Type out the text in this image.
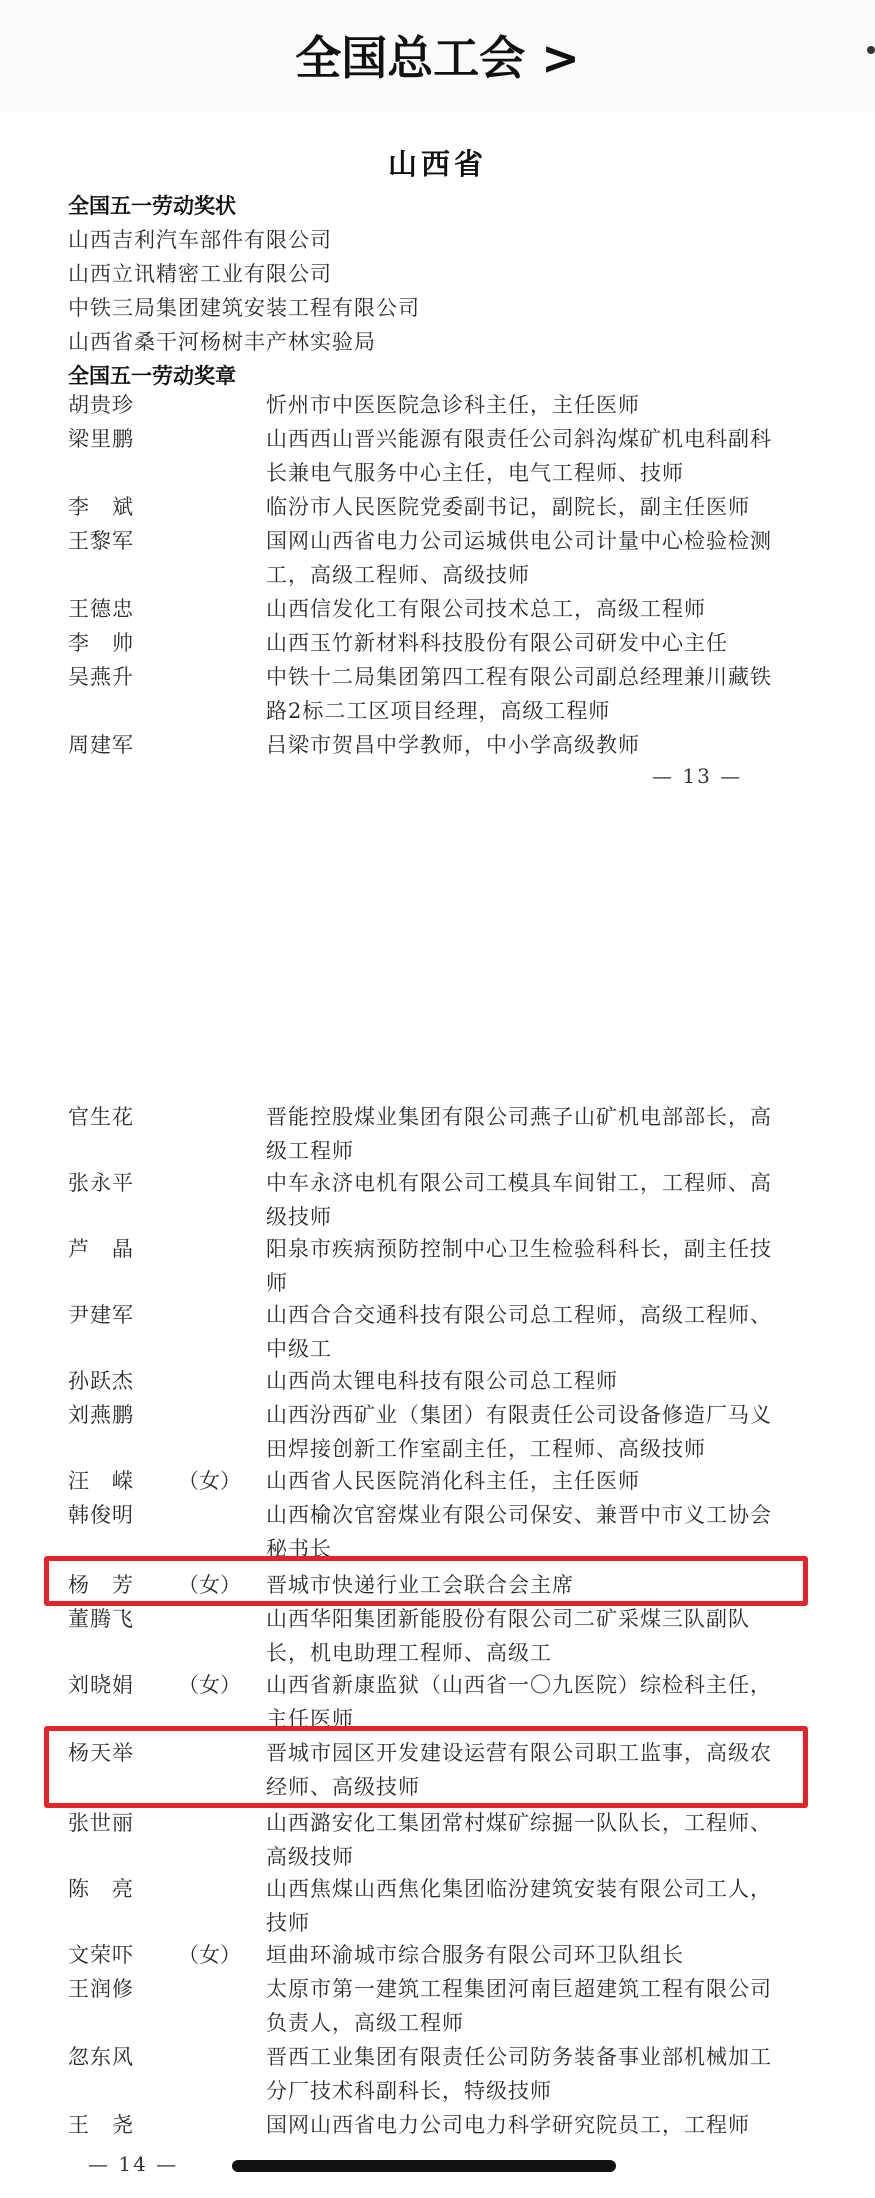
全国总工会 >
山西省
全国五一劳动奖状
山西吉利汽车部件有限公司
山西立讯精密工业有限公司
中铁三局集团建筑安装工程有限公司
山西省桑干河杨树丰产林实验局
全国五一劳动奖章
胡贵珍	忻州市中医医院急诊科主任，主任医师
梁里鹏	山西西山晋兴能源有限责任公司斜沟煤矿机电科副科长兼电气服务中心主任，电气工程师、技师
李　斌	临汾市人民医院党委副书记，副院长，副主任医师
王黎军	国网山西省电力公司运城供电公司计量中心检验检测工，高级工程师、高级技师
王德忠	山西信发化工有限公司技术总工，高级工程师
李　帅	山西玉竹新材料科技股份有限公司研发中心主任
吴燕升	中铁十二局集团第四工程有限公司副总经理兼川藏铁路2标二工区项目经理，高级工程师
周建军	吕梁市贺昌中学教师，中小学高级教师
— 13 —
官生花	晋能控股煤业集团有限公司燕子山矿机电部部长，高级工程师
张永平	中车永济电机有限公司工模具车间钳工，工程师、高级技师
芦　晶	阳泉市疾病预防控制中心卫生检验科科长，副主任技师
尹建军	山西合合交通科技有限公司总工程师，高级工程师、中级工
孙跃杰	山西尚太锂电科技有限公司总工程师
刘燕鹏	山西汾西矿业（集团）有限责任公司设备修造厂马义田焊接创新工作室副主任，工程师、高级技师
汪　嵘	（女） 山西省人民医院消化科主任，主任医师
韩俊明	山西榆次官窑煤业有限公司保安、兼晋中市义工协会秘书长
杨　芳	（女） 晋城市快递行业工会联合会主席
董腾飞	山西华阳集团新能股份有限公司二矿采煤三队副队长，机电助理工程师、高级工
刘晓娟	（女） 山西省新康监狱（山西省一〇九医院）综检科主任，主任医师
杨天举	晋城市园区开发建设运营有限公司职工监事，高级农经师、高级技师
张世丽	山西潞安化工集团常村煤矿综掘一队队长，工程师、高级技师
陈　亮	山西焦煤山西焦化集团临汾建筑安装有限公司工人，技师
文荣吓	（女） 垣曲环渝城市综合服务有限公司环卫队组长
王润修	太原市第一建筑工程集团河南巨超建筑工程有限公司负责人，高级工程师
忽东风	晋西工业集团有限责任公司防务装备事业部机械加工分厂技术科副科长，特级技师
王　尧	国网山西省电力公司电力科学研究院员工，工程师
— 14 —
